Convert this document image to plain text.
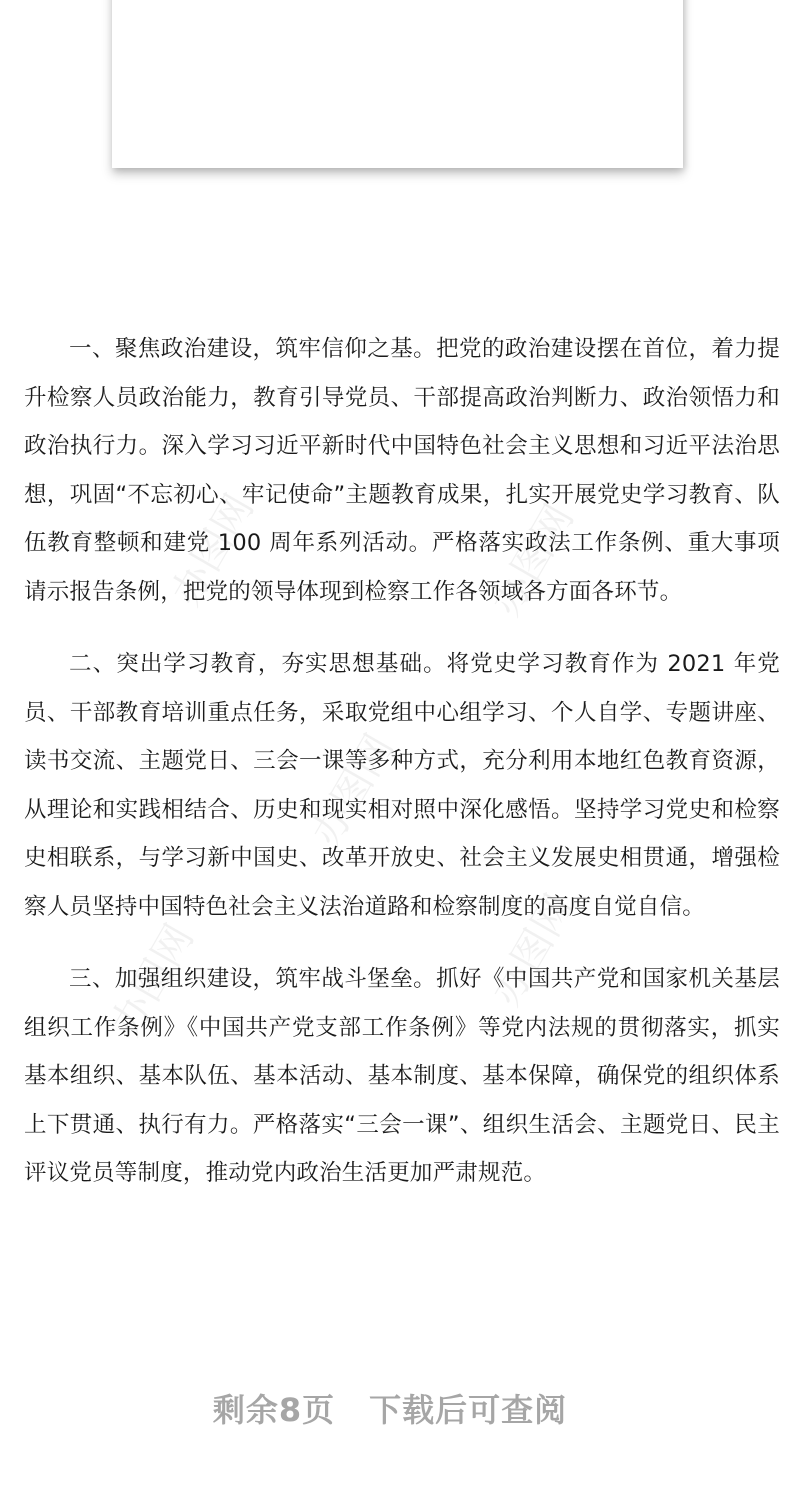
办图网	办图网
办图网
办图网
办图网

一、聚焦政治建设，筑牢信仰之基。把党的政治建设摆在首位，着力提升检察人员政治能力，教育引导党员、干部提高政治判断力、政治领悟力和政治执行力。深入学习习近平新时代中国特色社会主义思想和习近平法治思想，巩固“不忘初心、牢记使命”主题教育成果，扎实开展党史学习教育、队伍教育整顿和建党 100 周年系列活动。严格落实政法工作条例、重大事项请示报告条例，把党的领导体现到检察工作各领域各方面各环节。

二、突出学习教育，夯实思想基础。将党史学习教育作为 2021 年党员、干部教育培训重点任务，采取党组中心组学习、个人自学、专题讲座、读书交流、主题党日、三会一课等多种方式，充分利用本地红色教育资源，从理论和实践相结合、历史和现实相对照中深化感悟。坚持学习党史和检察史相联系，与学习新中国史、改革开放史、社会主义发展史相贯通，增强检察人员坚持中国特色社会主义法治道路和检察制度的高度自觉自信。

三、加强组织建设，筑牢战斗堡垒。抓好《中国共产党和国家机关基层组织工作条例》《中国共产党支部工作条例》等党内法规的贯彻落实，抓实基本组织、基本队伍、基本活动、基本制度、基本保障，确保党的组织体系上下贯通、执行有力。严格落实“三会一课”、组织生活会、主题党日、民主评议党员等制度，推动党内政治生活更加严肃规范。

剩余8页 下载后可查阅
